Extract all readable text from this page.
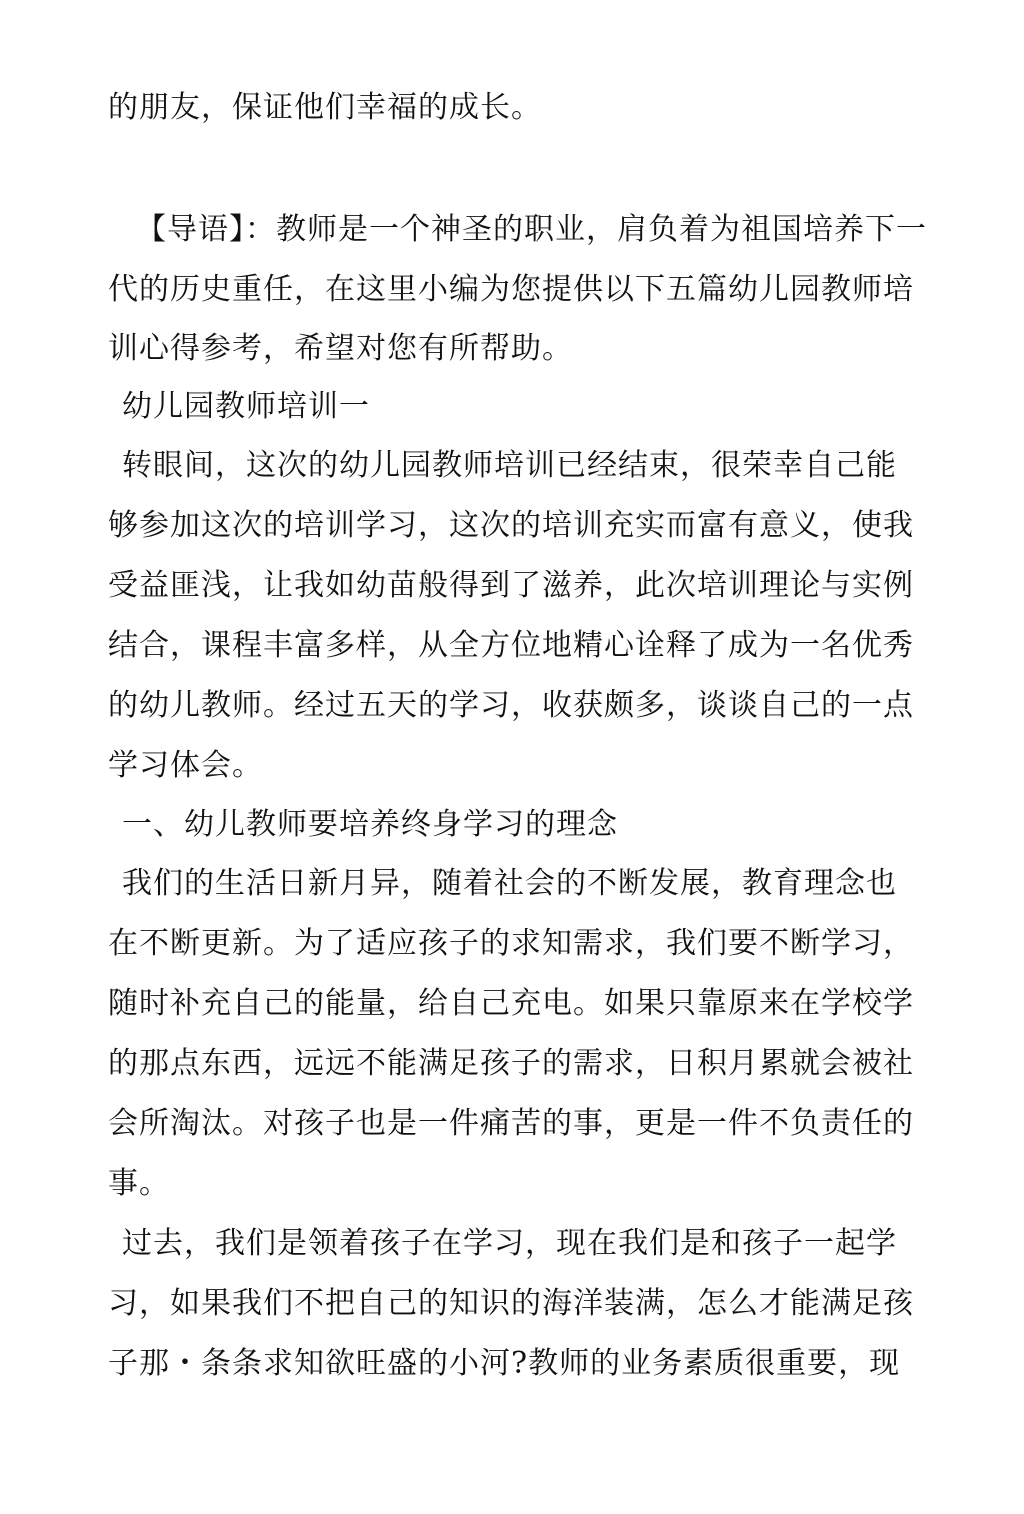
的朋友，保证他们幸福的成长。
【导语】：教师是一个神圣的职业，肩负着为祖国培养下一
代的历史重任，在这里小编为您提供以下五篇幼儿园教师培
训心得参考，希望对您有所帮助。
幼儿园教师培训一
转眼间，这次的幼儿园教师培训已经结束，很荣幸自己能
够参加这次的培训学习，这次的培训充实而富有意义，使我
受益匪浅，让我如幼苗般得到了滋养，此次培训理论与实例
结合，课程丰富多样，从全方位地精心诠释了成为一名优秀
的幼儿教师。经过五天的学习，收获颇多，谈谈自己的一点
学习体会。
一、幼儿教师要培养终身学习的理念
我们的生活日新月异，随着社会的不断发展，教育理念也
在不断更新。为了适应孩子的求知需求，我们要不断学习，
随时补充自己的能量，给自己充电。如果只靠原来在学校学
的那点东西，远远不能满足孩子的需求，日积月累就会被社
会所淘汰。对孩子也是一件痛苦的事，更是一件不负责任的
事。
过去，我们是领着孩子在学习，现在我们是和孩子一起学
习，如果我们不把自己的知识的海洋装满，怎么才能满足孩
子那・条条求知欲旺盛的小河?教师的业务素质很重要，现
